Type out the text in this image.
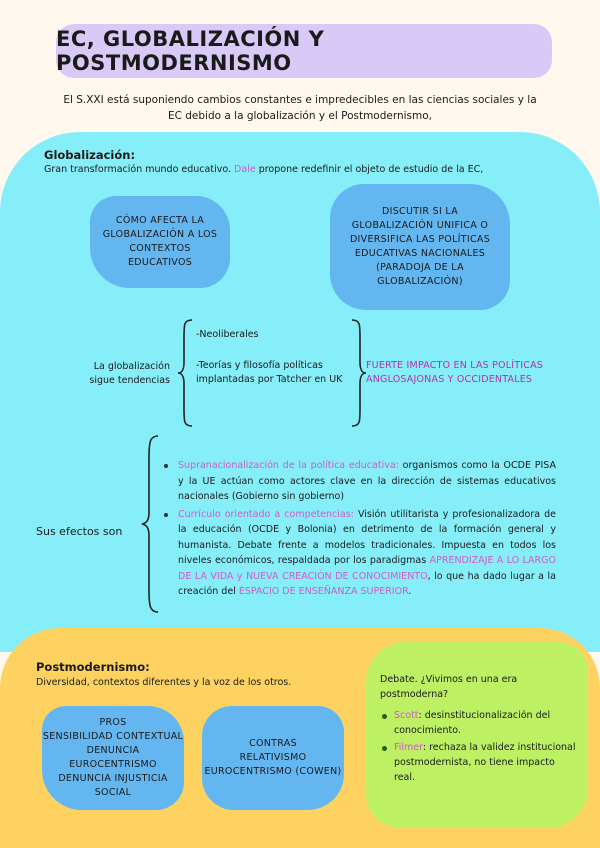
EC, GLOBALIZACIÓN Y POSTMODERNISMO
El S.XXI está suponiendo cambios constantes e impredecibles en las ciencias sociales y la
EC debido a la globalización y el Postmodernismo,
Globalización:
Gran transformación mundo educativo. Dale propone redefinir el objeto de estudio de la EC,
CÓMO AFECTA LA GLOBALIZACIÓN A LOS CONTEXTOS EDUCATIVOS
DISCUTIR SI LA GLOBALIZACIÓN UNIFICA O DIVERSIFICA LAS POLÍTICAS EDUCATIVAS NACIONALES (PARADOJA DE LA GLOBALIZACIÓN)
La globalización
sigue tendencias
-Neoliberales
-Teorías y filosofía políticas
implantadas por Tatcher en UK
FUERTE IMPACTO EN LAS POLÍTICAS
ANGLOSAJONAS Y OCCIDENTALES
Sus efectos son
Supranacionalización de la política educativa: organismos como la OCDE PISA y la UE actúan como actores clave en la dirección de sistemas educativos nacionales (Gobierno sin gobierno)
Currículo orientado a competencias: Visión utilitarista y profesionalizadora de la educación (OCDE y Bolonia) en detrimento de la formación general y humanista. Debate frente a modelos tradicionales. Impuesta en todos los niveles económicos, respaldada por los paradigmas APRENDIZAJE A LO LARGO DE LA VIDA y NUEVA CREACIÓN DE CONOCIMIENTO, lo que ha dado lugar a la creación del ESPACIO DE ENSEÑANZA SUPERIOR.
Postmodernismo:
Diversidad, contextos diferentes y la voz de los otros.
PROS
SENSIBILIDAD CONTEXTUAL
DENUNCIA EUROCENTRISMO
DENUNCIA INJUSTICIA SOCIAL
CONTRAS
RELATIVISMO
EUROCENTRISMO (COWEN)
Debate. ¿Vivimos en una era postmoderna?
Scott: desinstitucionalización del conocimiento.
Filmer: rechaza la validez institucional postmodernista, no tiene impacto real.
